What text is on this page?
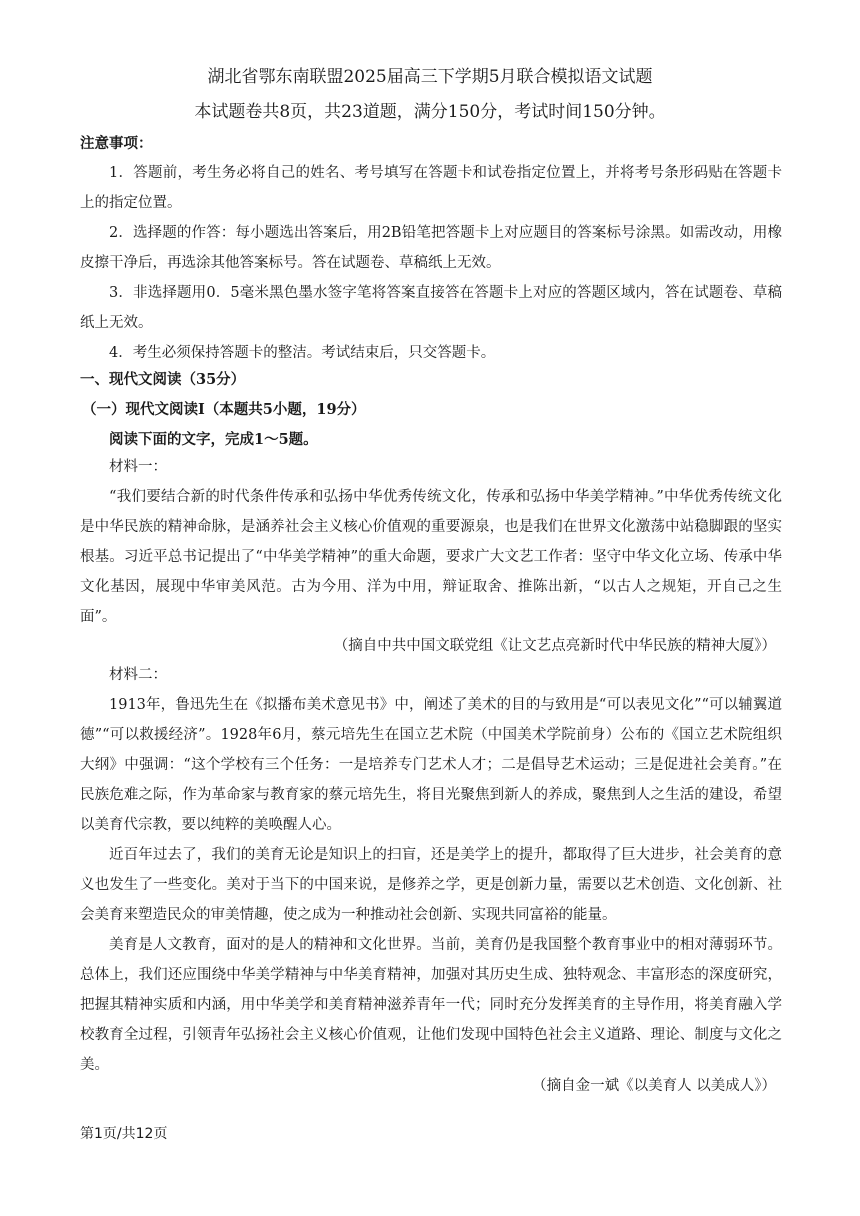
湖北省鄂东南联盟2025届高三下学期5月联合模拟语文试题
本试题卷共8页，共23道题，满分150分，考试时间150分钟。
注意事项：
1．答题前，考生务必将自己的姓名、考号填写在答题卡和试卷指定位置上，并将考号条形码贴在答题卡上的指定位置。
2．选择题的作答：每小题选出答案后，用2B铅笔把答题卡上对应题目的答案标号涂黑。如需改动，用橡皮擦干净后，再选涂其他答案标号。答在试题卷、草稿纸上无效。
3．非选择题用0．5毫米黑色墨水签字笔将答案直接答在答题卡上对应的答题区域内，答在试题卷、草稿纸上无效。
4．考生必须保持答题卡的整洁。考试结束后，只交答题卡。
一、现代文阅读（35分）
（一）现代文阅读Ⅰ（本题共5小题，19分）
阅读下面的文字，完成1～5题。
材料一：
“我们要结合新的时代条件传承和弘扬中华优秀传统文化，传承和弘扬中华美学精神。”中华优秀传统文化是中华民族的精神命脉，是涵养社会主义核心价值观的重要源泉，也是我们在世界文化激荡中站稳脚跟的坚实根基。习近平总书记提出了“中华美学精神”的重大命题，要求广大文艺工作者：坚守中华文化立场、传承中华文化基因，展现中华审美风范。古为今用、洋为中用，辩证取舍、推陈出新，“以古人之规矩，开自己之生面”。
（摘自中共中国文联党组《让文艺点亮新时代中华民族的精神大厦》）
材料二：
1913年，鲁迅先生在《拟播布美术意见书》中，阐述了美术的目的与致用是“可以表见文化”“可以辅翼道德”“可以救援经济”。1928年6月，蔡元培先生在国立艺术院（中国美术学院前身）公布的《国立艺术院组织大纲》中强调：“这个学校有三个任务：一是培养专门艺术人才；二是倡导艺术运动；三是促进社会美育。”在民族危难之际，作为革命家与教育家的蔡元培先生，将目光聚焦到新人的养成，聚焦到人之生活的建设，希望以美育代宗教，要以纯粹的美唤醒人心。
近百年过去了，我们的美育无论是知识上的扫盲，还是美学上的提升，都取得了巨大进步，社会美育的意义也发生了一些变化。美对于当下的中国来说，是修养之学，更是创新力量，需要以艺术创造、文化创新、社会美育来塑造民众的审美情趣，使之成为一种推动社会创新、实现共同富裕的能量。
美育是人文教育，面对的是人的精神和文化世界。当前，美育仍是我国整个教育事业中的相对薄弱环节。总体上，我们还应围绕中华美学精神与中华美育精神，加强对其历史生成、独特观念、丰富形态的深度研究，把握其精神实质和内涵，用中华美学和美育精神滋养青年一代；同时充分发挥美育的主导作用，将美育融入学校教育全过程，引领青年弘扬社会主义核心价值观，让他们发现中国特色社会主义道路、理论、制度与文化之美。
（摘自金一斌《以美育人 以美成人》）
第1页/共12页
